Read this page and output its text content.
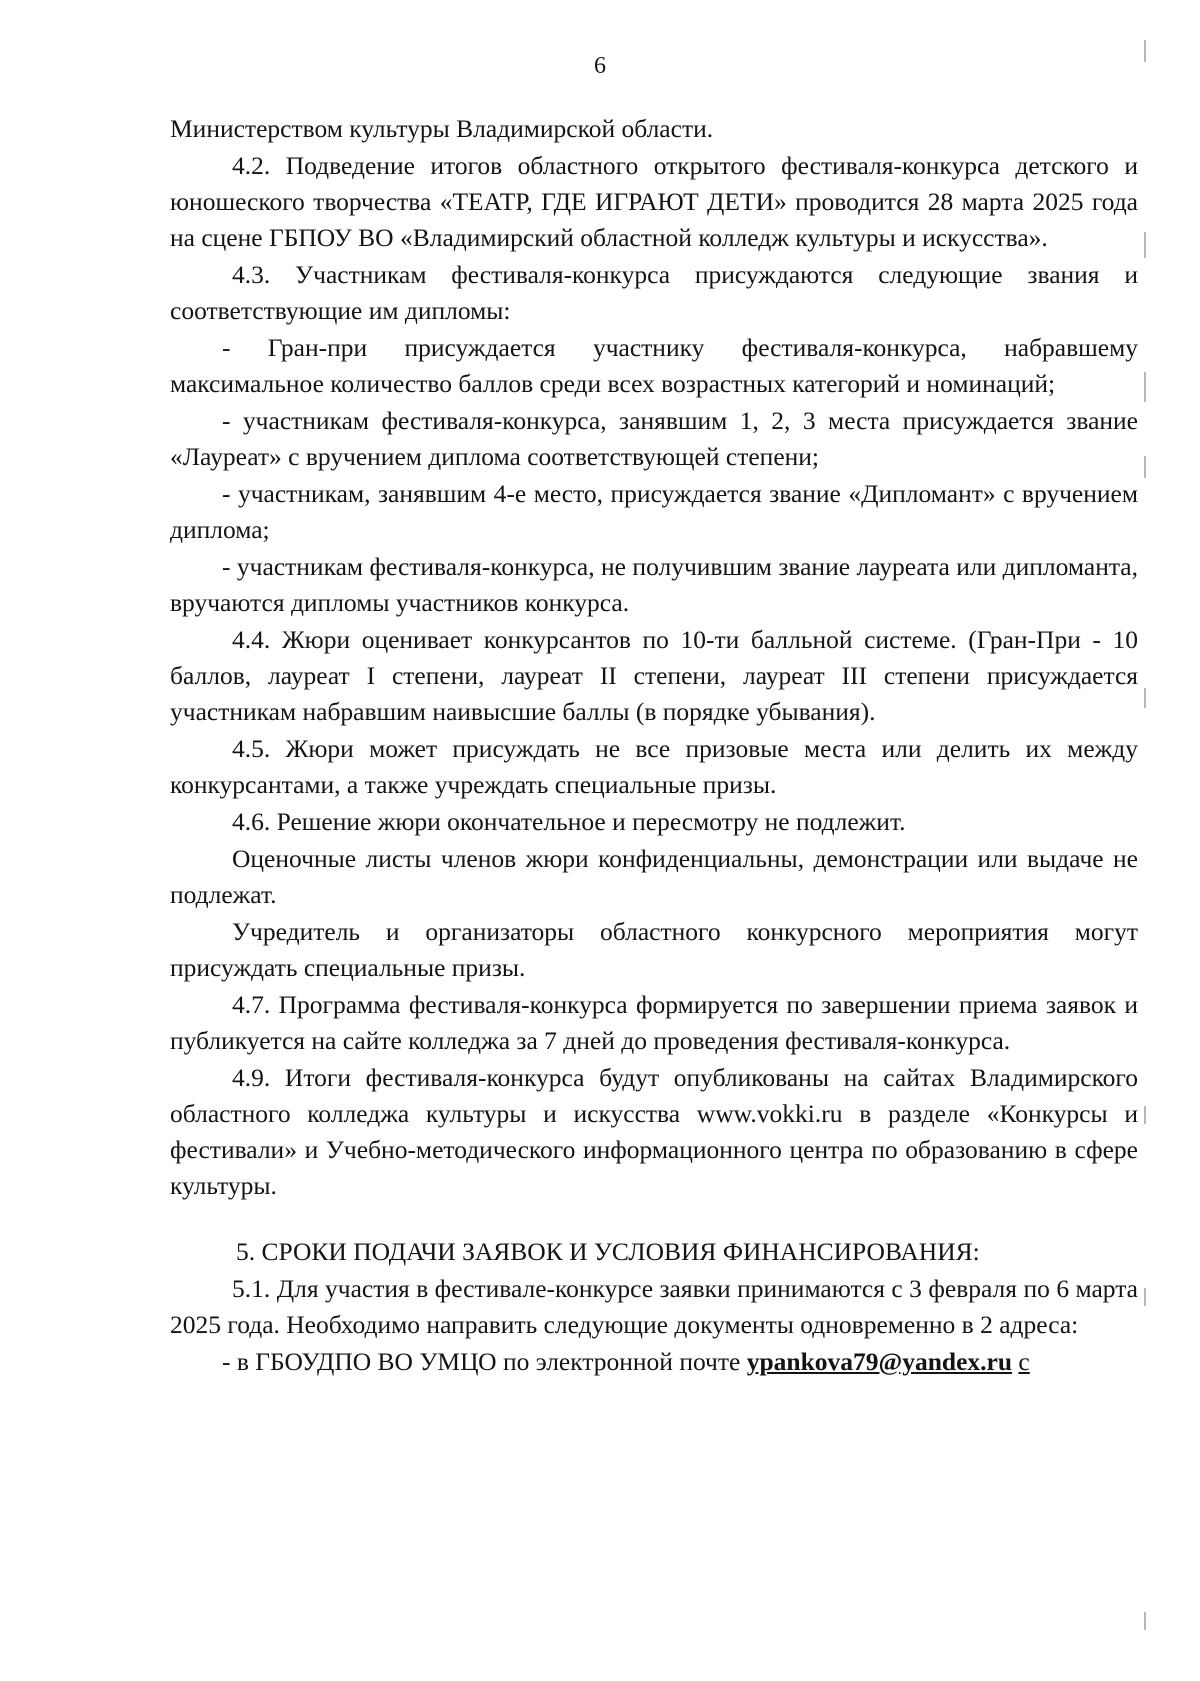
6

Министерством культуры Владимирской области.

4.2. Подведение итогов областного открытого фестиваля-конкурса детского и юношеского творчества «ТЕАТР, ГДЕ ИГРАЮТ ДЕТИ» проводится 28 марта 2025 года на сцене ГБПОУ ВО «Владимирский областной колледж культуры и искусства».

4.3. Участникам фестиваля-конкурса присуждаются следующие звания и соответствующие им дипломы:

- Гран-при присуждается участнику фестиваля-конкурса, набравшему максимальное количество баллов среди всех возрастных категорий и номинаций;

- участникам фестиваля-конкурса, занявшим 1, 2, 3 места присуждается звание «Лауреат» с вручением диплома соответствующей степени;

- участникам, занявшим 4-е место, присуждается звание «Дипломант» с вручением диплома;

- участникам фестиваля-конкурса, не получившим звание лауреата или дипломанта, вручаются дипломы участников конкурса.

4.4. Жюри оценивает конкурсантов по 10-ти балльной системе. (Гран-При - 10 баллов, лауреат I степени, лауреат II степени, лауреат III степени присуждается участникам набравшим наивысшие баллы (в порядке убывания).

4.5. Жюри может присуждать не все призовые места или делить их между конкурсантами, а также учреждать специальные призы.

4.6. Решение жюри окончательное и пересмотру не подлежит.

Оценочные листы членов жюри конфиденциальны, демонстрации или выдаче не подлежат.

Учредитель и организаторы областного конкурсного мероприятия могут присуждать специальные призы.

4.7. Программа фестиваля-конкурса формируется по завершении приема заявок и публикуется на сайте колледжа за 7 дней до проведения фестиваля-конкурса.

4.9. Итоги фестиваля-конкурса будут опубликованы на сайтах Владимирского областного колледжа культуры и искусства www.vokki.ru в разделе «Конкурсы и фестивали» и Учебно-методического информационного центра по образованию в сфере культуры.

5. СРОКИ ПОДАЧИ ЗАЯВОК И УСЛОВИЯ ФИНАНСИРОВАНИЯ:

5.1. Для участия в фестивале-конкурсе заявки принимаются с 3 февраля по 6 марта 2025 года. Необходимо направить следующие документы одновременно в 2 адреса:

- в ГБОУДПО ВО УМЦО по электронной почте ypankova79@yandex.ru с
